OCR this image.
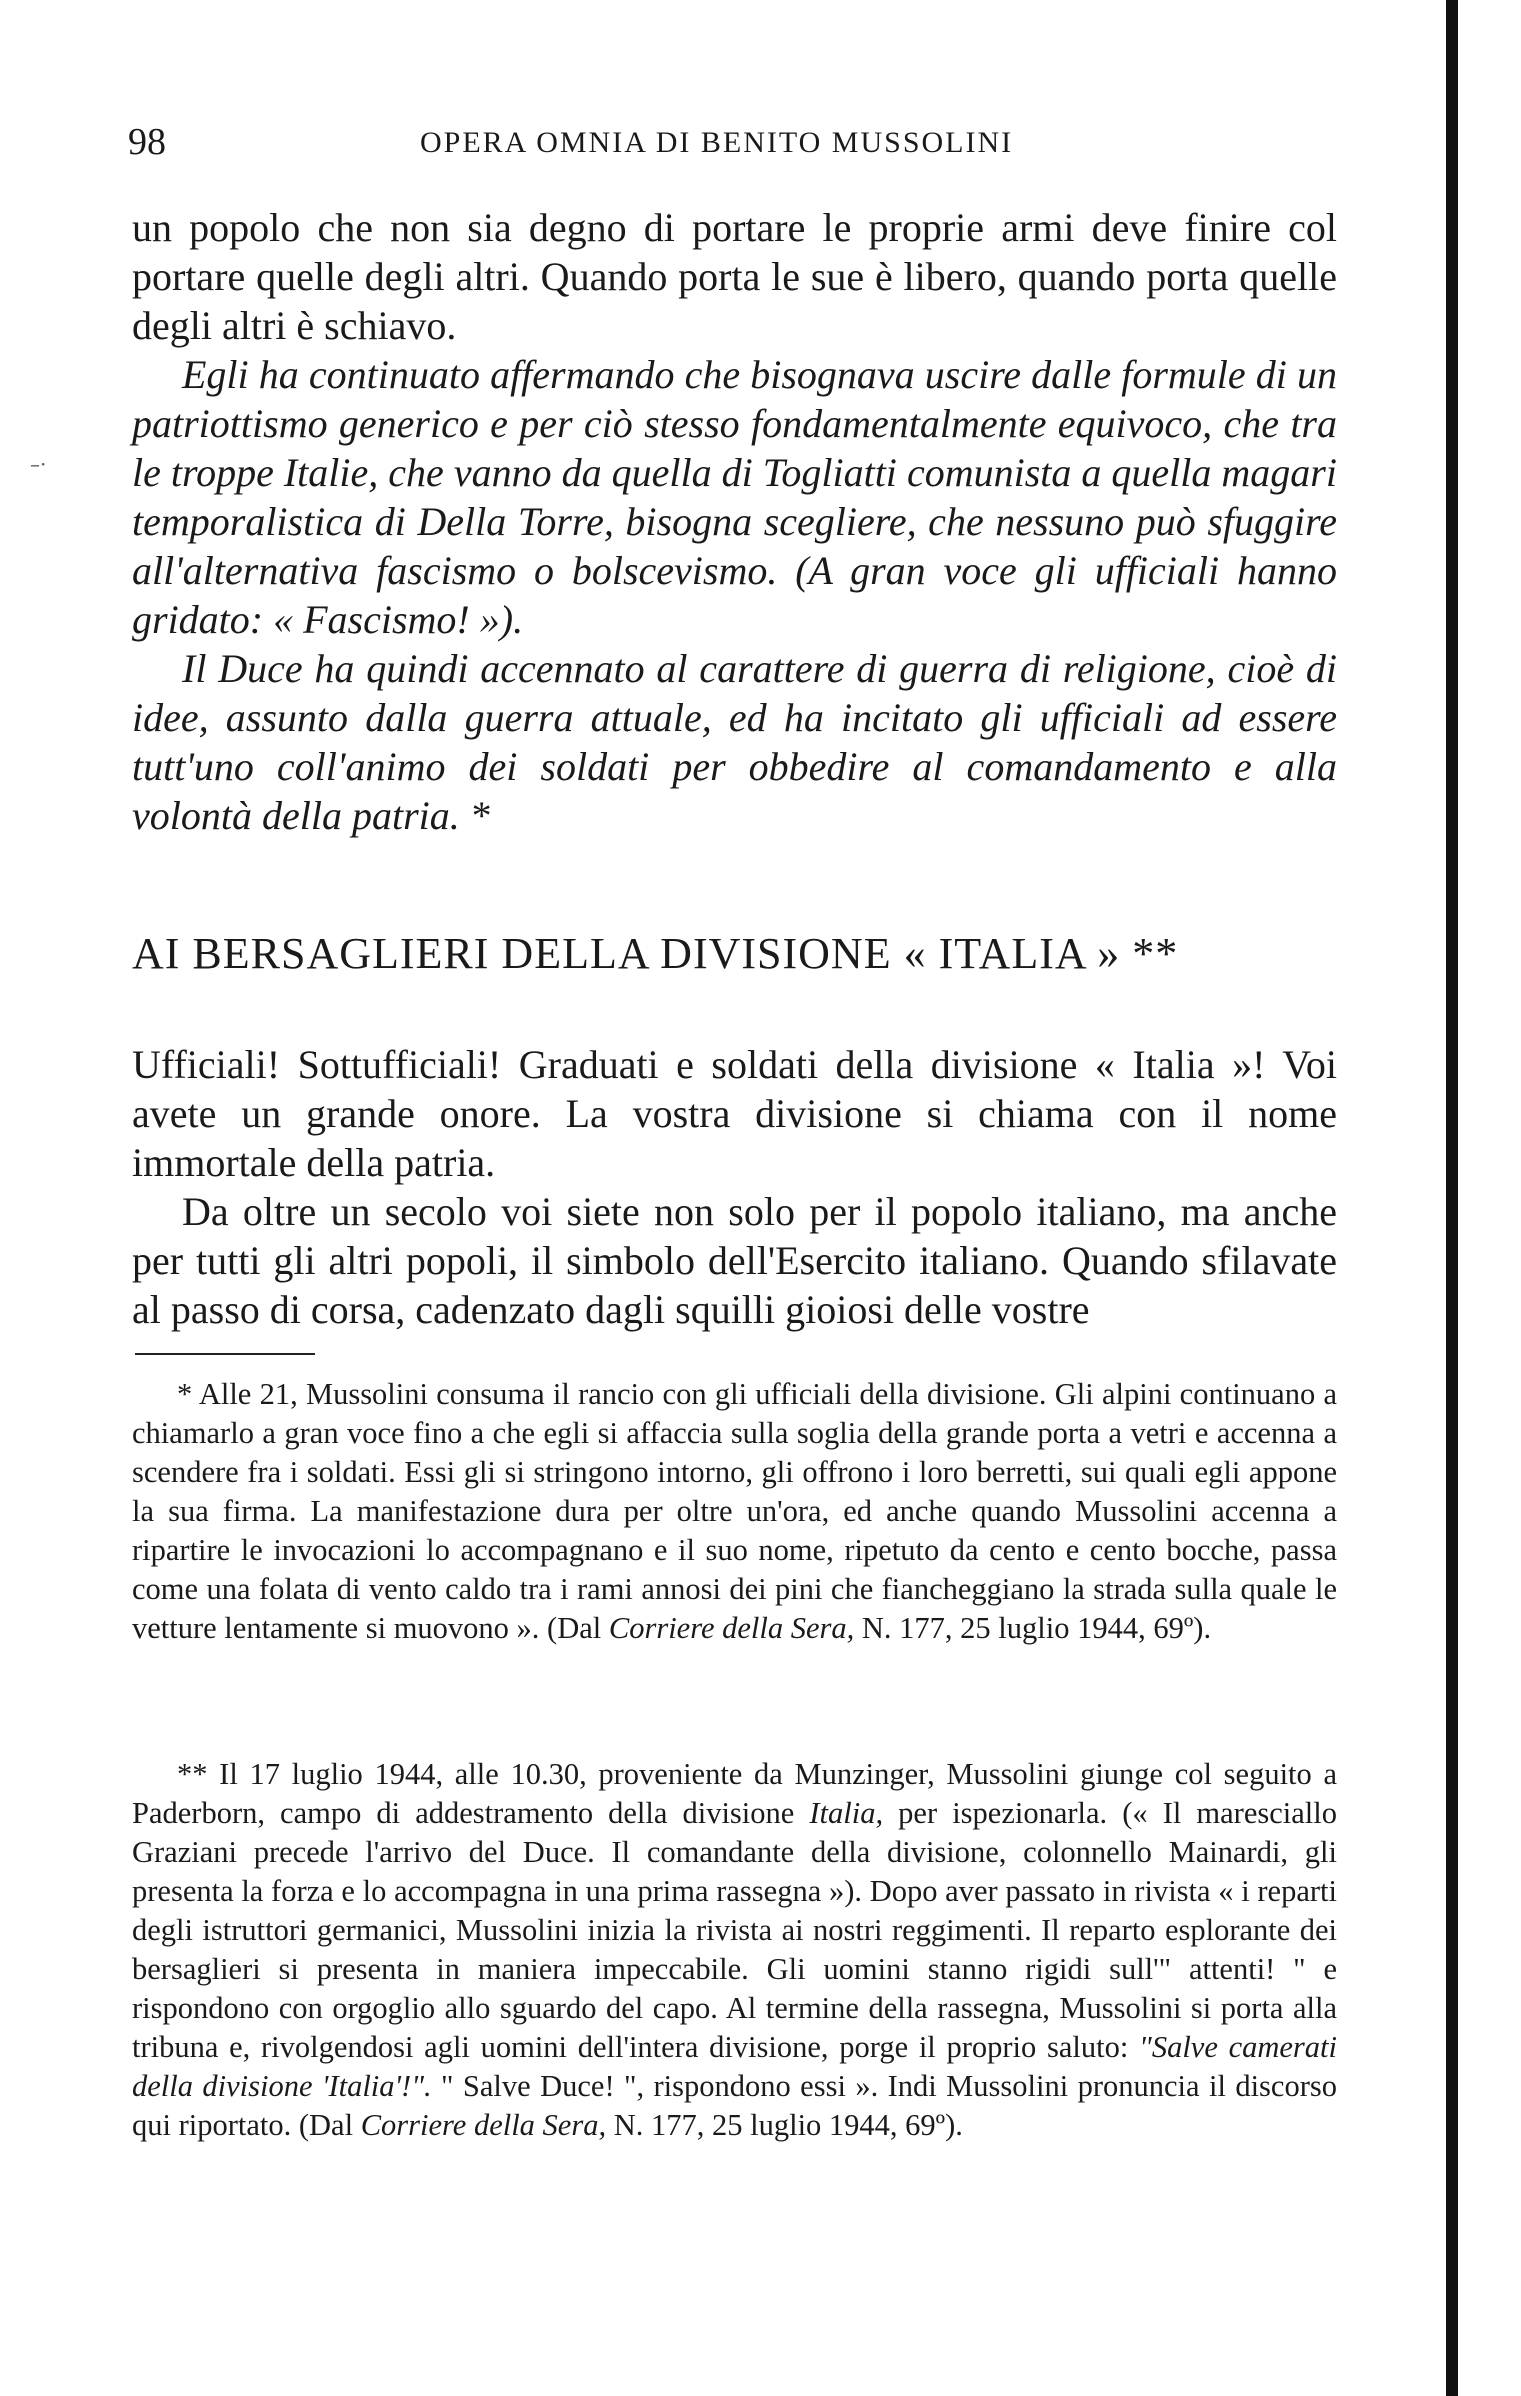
–·
98	OPERA OMNIA DI BENITO MUSSOLINI

un popolo che non sia degno di portare le proprie armi deve finire col portare quelle degli altri. Quando porta le sue è libero, quando porta quelle degli altri è schiavo.

Egli ha continuato affermando che bisognava uscire dalle formule di un patriottismo generico e per ciò stesso fondamentalmente equivoco, che tra le troppe Italie, che vanno da quella di Togliatti comunista a quella magari temporalistica di Della Torre, bisogna scegliere, che nessuno può sfuggire all'alternativa fascismo o bolscevismo. (A gran voce gli ufficiali hanno gridato: « Fascismo! »).

Il Duce ha quindi accennato al carattere di guerra di religione, cioè di idee, assunto dalla guerra attuale, ed ha incitato gli ufficiali ad essere tutt'uno coll'animo dei soldati per obbedire al comandamento e alla volontà della patria. *

AI BERSAGLIERI DELLA DIVISIONE « ITALIA » **

Ufficiali! Sottufficiali! Graduati e soldati della divisione « Italia »! Voi avete un grande onore. La vostra divisione si chiama con il nome immortale della patria.

Da oltre un secolo voi siete non solo per il popolo italiano, ma anche per tutti gli altri popoli, il simbolo dell'Esercito italiano. Quando sfilavate al passo di corsa, cadenzato dagli squilli gioiosi delle vostre

* Alle 21, Mussolini consuma il rancio con gli ufficiali della divisione. Gli alpini continuano a chiamarlo a gran voce fino a che egli si affaccia sulla soglia della grande porta a vetri e accenna a scendere fra i soldati. Essi gli si stringono intorno, gli offrono i loro berretti, sui quali egli appone la sua firma. La manifestazione dura per oltre un'ora, ed anche quando Mussolini accenna a ripartire le invocazioni lo accompagnano e il suo nome, ripetuto da cento e cento bocche, passa come una folata di vento caldo tra i rami annosi dei pini che fiancheggiano la strada sulla quale le vetture lentamente si muovono ». (Dal Corriere della Sera, N. 177, 25 luglio 1944, 69º).

** Il 17 luglio 1944, alle 10.30, proveniente da Munzinger, Mussolini giunge col seguito a Paderborn, campo di addestramento della divisione Italia, per ispezionarla. (« Il maresciallo Graziani precede l'arrivo del Duce. Il comandante della divisione, colonnello Mainardi, gli presenta la forza e lo accompagna in una prima rassegna »). Dopo aver passato in rivista « i reparti degli istruttori germanici, Mussolini inizia la rivista ai nostri reggimenti. Il reparto esplorante dei bersaglieri si presenta in maniera impeccabile. Gli uomini stanno rigidi sull'" attenti! " e rispondono con orgoglio allo sguardo del capo. Al termine della rassegna, Mussolini si porta alla tribuna e, rivolgendosi agli uomini dell'intera divisione, porge il proprio saluto: "Salve camerati della divisione 'Italia'!". " Salve Duce! ", rispondono essi ». Indi Mussolini pronuncia il discorso qui riportato. (Dal Corriere della Sera, N. 177, 25 luglio 1944, 69º).
